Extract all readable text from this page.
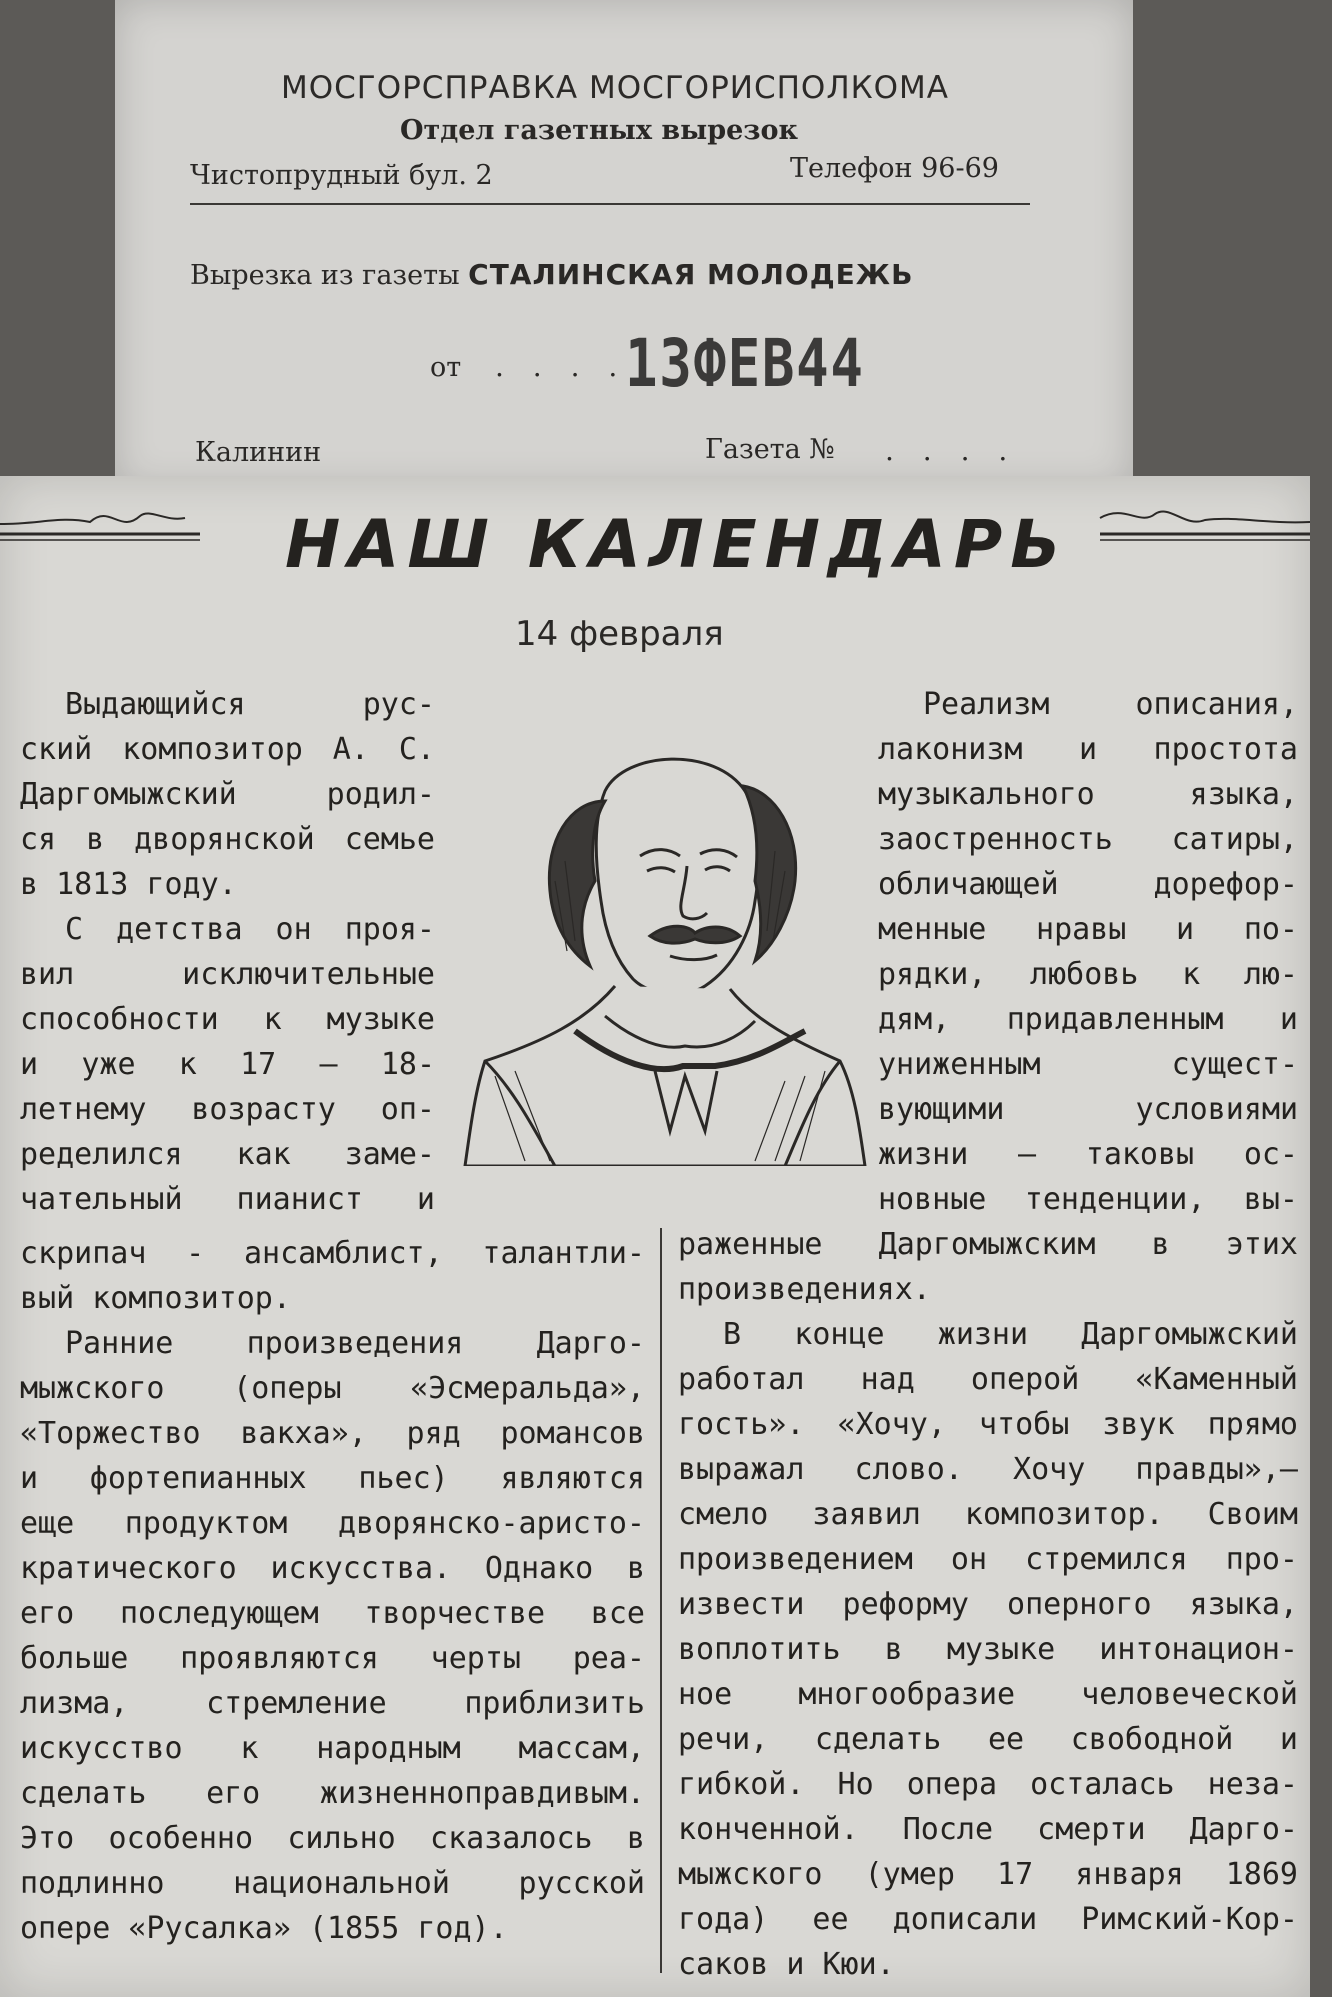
МОСГОРСПРАВКА МОСГОРИСПОЛКОМА
Отдел газетных вырезок
Чистопрудный бул. 2	Телефон 96-69
Вырезка из газеты СТАЛИНСКАЯ МОЛОДЕЖЬ
от . . . .
13ФЕВ44
Калинин	Газета № . . . .
НАШ КАЛЕНДАРЬ
14 февраля

Выдающийся рус-

ский композитор А. С.

Даргомыжский родил-

ся в дворянской семье

в 1813 году.

С детства он проя-

вил исключительные

способности к музыке

и уже к 17 — 18-

летнему возрасту оп-

ределился как заме-

чательный пианист и

скрипач - ансамблист, талантли-

вый композитор.

Ранние произведения Дарго-

мыжского (оперы «Эсмеральда»,

«Торжество вакха», ряд романсов

и фортепианных пьес) являются

еще продуктом дворянско-аристо-

кратического искусства. Однако в

его последующем творчестве все

больше проявляются черты реа-

лизма, стремление приблизить

искусство к народным массам,

сделать его жизненноправдивым.

Это особенно сильно сказалось в

подлинно национальной русской

опере «Русалка» (1855 год).

Реализм описания,

лаконизм и простота

музыкального языка,

заостренность сатиры,

обличающей дорефор-

менные нравы и по-

рядки, любовь к лю-

дям, придавленным и

униженным сущест-

вующими условиями

жизни — таковы ос-

новные тенденции, вы-

раженные Даргомыжским в этих

произведениях.

В конце жизни Даргомыжский

работал над оперой «Каменный

гость». «Хочу, чтобы звук прямо

выражал слово. Хочу правды»,—

смело заявил композитор. Своим

произведением он стремился про-

извести реформу оперного языка,

воплотить в музыке интонацион-

ное многообразие человеческой

речи, сделать ее свободной и

гибкой. Но опера осталась неза-

конченной. После смерти Дарго-

мыжского (умер 17 января 1869

года) ее дописали Римский-Кор-

саков и Кюи.
